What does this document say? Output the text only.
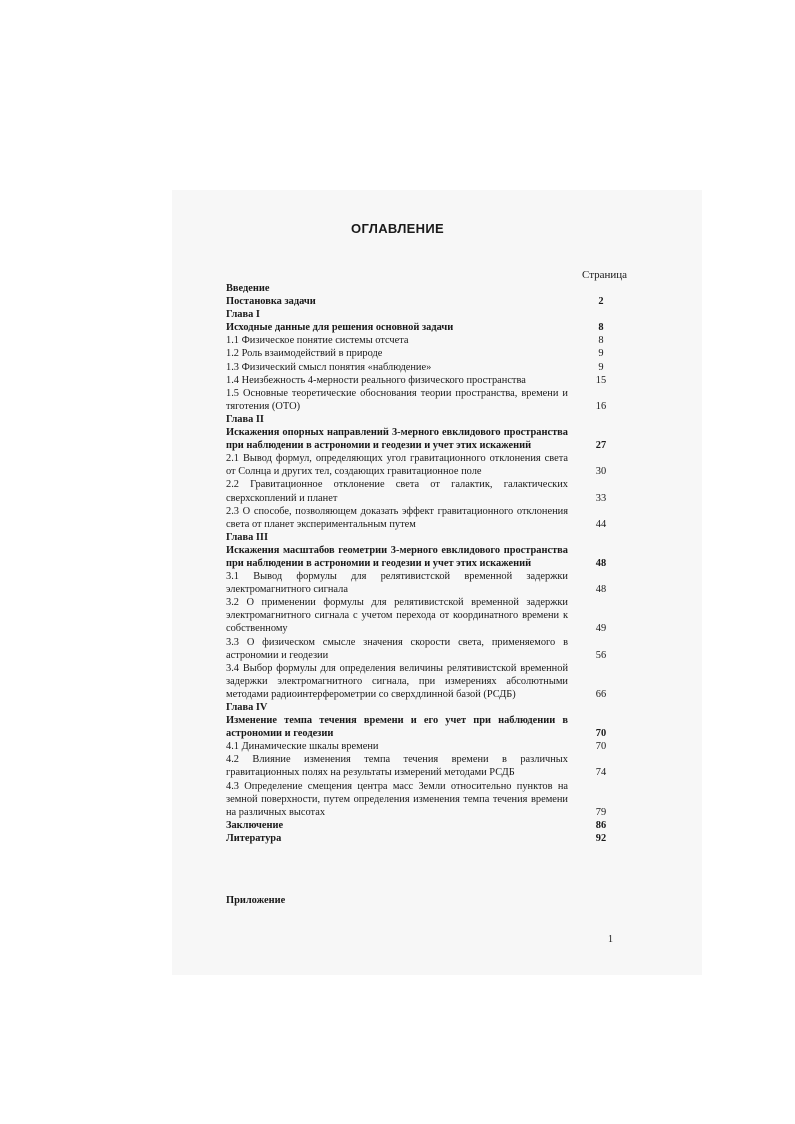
ОГЛАВЛЕНИЕ
Страница
Введение
Постановка задачи	2
Глава I
Исходные данные для решения основной задачи	8
1.1 Физическое понятие системы отсчета	8
1.2 Роль взаимодействий в природе	9
1.3 Физический смысл понятия «наблюдение»	9
1.4 Неизбежность 4-мерности реального физического пространства	15
1.5 Основные теоретические обоснования теории пространства, времени и тяготения (ОТО)	16
Глава II
Искажения опорных направлений 3-мерного евклидового пространства при наблюдении в астрономии и геодезии и учет этих искажений	27
2.1 Вывод формул, определяющих угол гравитационного отклонения света от Солнца и других тел, создающих гравитационное поле	30
2.2 Гравитационное отклонение света от галактик, галактических сверхскоплений и планет	33
2.3 О способе, позволяющем доказать эффект гравитационного отклонения света от планет экспериментальным путем	44
Глава III
Искажения масштабов геометрии 3-мерного евклидового пространства при наблюдении в астрономии и геодезии и учет этих искажений	48
3.1 Вывод формулы для релятивистской временной задержки электромагнитного сигнала	48
3.2 О применении формулы для релятивистской временной задержки электромагнитного сигнала с учетом перехода от координатного времени к собственному	49
3.3 О физическом смысле значения скорости света, применяемого в астрономии и геодезии	56
3.4 Выбор формулы для определения величины релятивистской временной задержки электромагнитного сигнала, при измерениях абсолютными методами радиоинтерферометрии со сверхдлинной базой (РСДБ)	66
Глава IV
Изменение темпа течения времени и его учет при наблюдении в астрономии и геодезии	70
4.1 Динамические шкалы времени	70
4.2 Влияние изменения темпа течения времени в различных гравитационных полях на результаты измерений методами РСДБ	74
4.3 Определение смещения центра масс Земли относительно пунктов на земной поверхности, путем определения изменения темпа течения времени на различных высотах	79
Заключение	86
Литература	92
Приложение
1
